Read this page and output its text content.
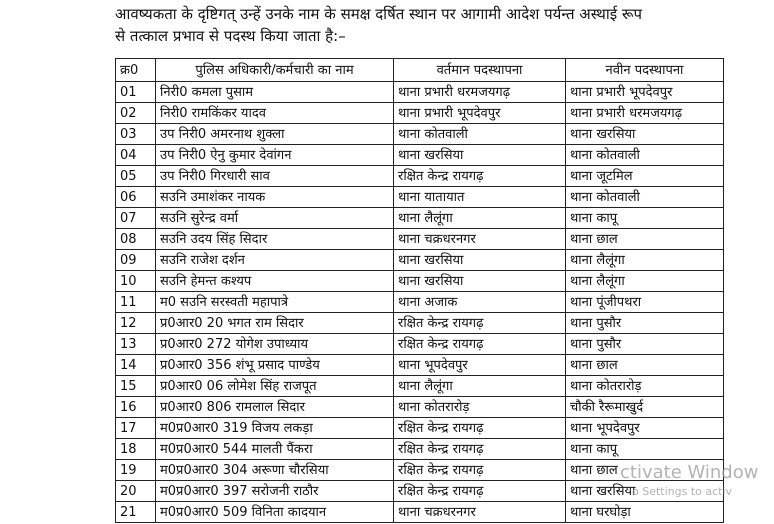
आवष्यकता के दृष्टिगत् उन्हें उनके नाम के समक्ष दर्षित स्थान पर आगामी आदेश पर्यन्त अस्थाई रूप
से तत्काल प्रभाव से पदस्थ किया जाता है:–
क्र0	पुलिस अधिकारी/कर्मचारी का नाम	वर्तमान पदस्थापना	नवीन पदस्थापना
01	निरी0 कमला पुसाम	थाना प्रभारी धरमजयगढ़	थाना प्रभारी भूपदेवपुर
02	निरी0 रामकिंकर यादव	थाना प्रभारी भूपदेवपुर	थाना प्रभारी धरमजयगढ़
03	उप निरी0 अमरनाथ शुक्ला	थाना कोतवाली	थाना खरसिया
04	उप निरी0 ऐनु कुमार देवांगन	थाना खरसिया	थाना कोतवाली
05	उप निरी0 गिरधारी साव	रक्षित केन्द्र रायगढ़	थाना जूटमिल
06	सउनि उमाशंकर नायक	थाना यातायात	थाना कोतवाली
07	सउनि सुरेन्द्र वर्मा	थाना लैलूंगा	थाना कापू
08	सउनि उदय सिंह सिदार	थाना चक्रधरनगर	थाना छाल
09	सउनि राजेश दर्शन	थाना खरसिया	थाना लैलूंगा
10	सउनि हेमन्त कश्यप	थाना खरसिया	थाना लैलूंगा
11	म0 सउनि सरस्वती महापात्रे	थाना अजाक	थाना पूंजीपथरा
12	प्र0आर0 20 भगत राम सिदार	रक्षित केन्द्र रायगढ़	थाना पुसौर
13	प्र0आर0 272 योगेश उपाध्याय	रक्षित केन्द्र रायगढ़	थाना पुसौर
14	प्र0आर0 356 शंभू प्रसाद पाण्डेय	थाना भूपदेवपुर	थाना छाल
15	प्र0आर0 06 लोमेश सिंह राजपूत	थाना लैलूंगा	थाना कोतरारोड़
16	प्र0आर0 806 रामलाल सिदार	थाना कोतरारोड़	चौकी रैरूमाखुर्द
17	म0प्र0आर0 319 विजय लकड़ा	रक्षित केन्द्र रायगढ़	थाना भूपदेवपुर
18	म0प्र0आर0 544 मालती पैंकरा	रक्षित केन्द्र रायगढ़	थाना कापू
19	म0प्र0आर0 304 अरूणा चौरसिया	रक्षित केन्द्र रायगढ़	थाना छाल
20	म0प्र0आर0 397 सरोजनी राठौर	रक्षित केन्द्र रायगढ़	थाना खरसिया
21	म0प्र0आर0 509 विनिता कादयान	थाना चक्रधरनगर	थाना घरघोड़ा
ctivate Window
o Settings to activ
